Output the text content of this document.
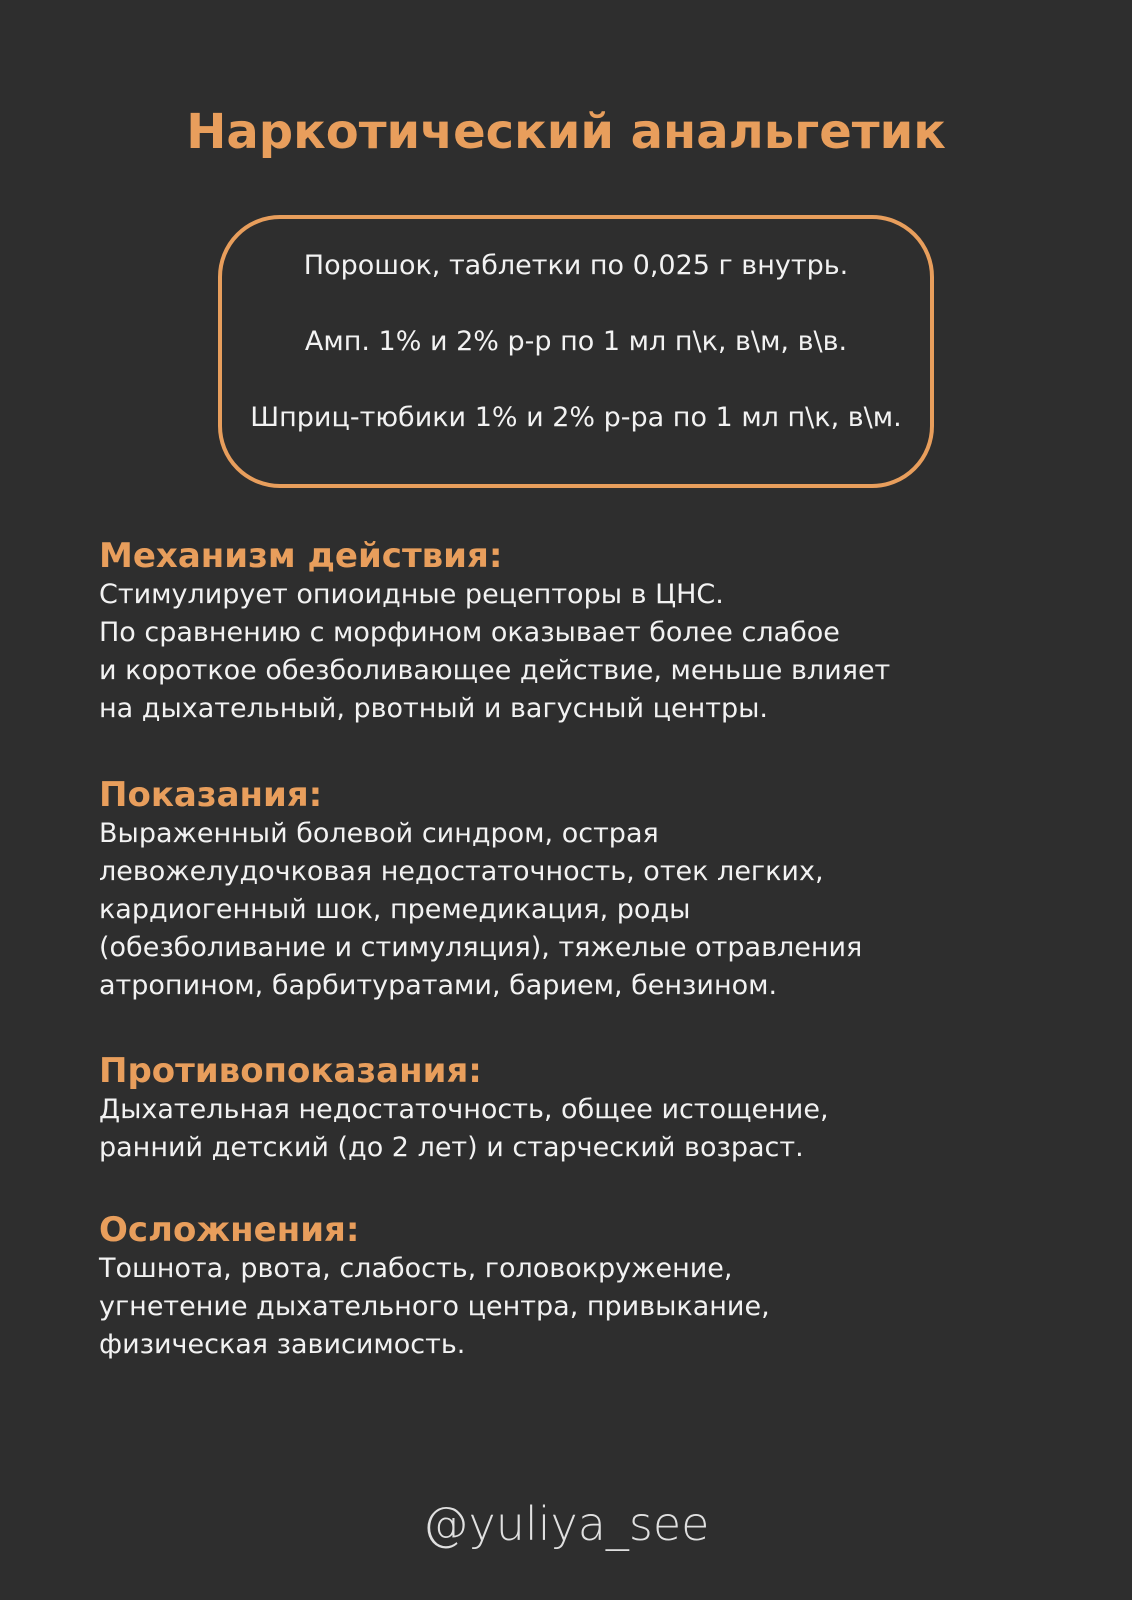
Наркотический анальгетик
Порошок, таблетки по 0,025 г внутрь.
Амп. 1% и 2% р-р по 1 мл п\к, в\м, в\в.
Шприц-тюбики 1% и 2% р-ра по 1 мл п\к, в\м.
Механизм действия:

Стимулирует опиоидные рецепторы в ЦНС.
По сравнению с морфином оказывает более слабое
и короткое обезболивающее действие, меньше влияет
на дыхательный, рвотный и вагусный центры.

Показания:

Выраженный болевой синдром, острая
левожелудочковая недостаточность, отек легких,
кардиогенный шок, премедикация, роды
(обезболивание и стимуляция), тяжелые отравления
атропином, барбитуратами, барием, бензином.

Противопоказания:

Дыхательная недостаточность, общее истощение,
ранний детский (до 2 лет) и старческий возраст.

Осложнения:

Тошнота, рвота, слабость, головокружение,
угнетение дыхательного центра, привыкание,
физическая зависимость.

@yuliya_see
